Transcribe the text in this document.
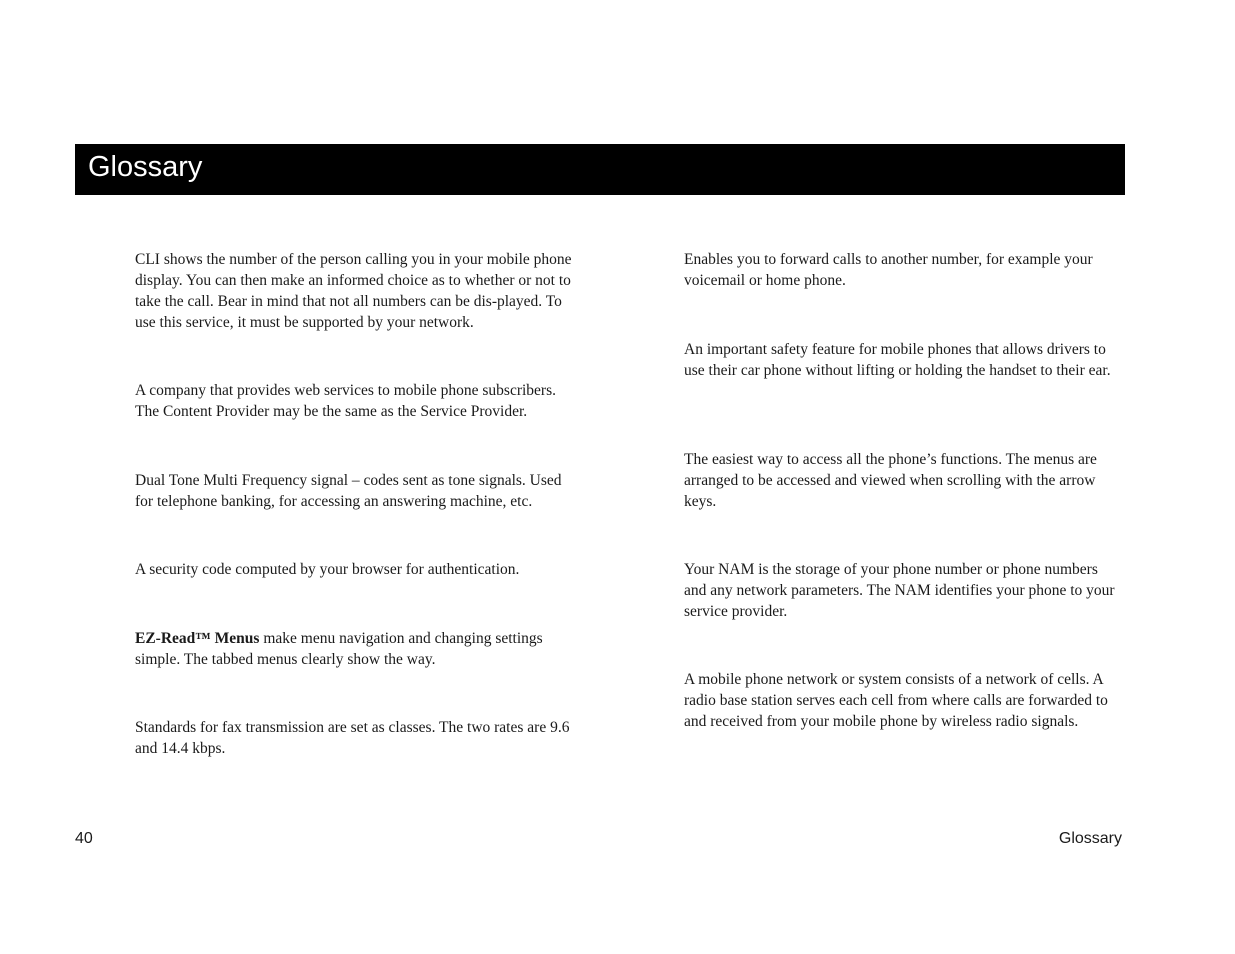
Glossary

CLI shows the number of the person calling you in your mobile phone display. You can then make an informed choice as to whether or not to take the call. Bear in mind that not all numbers can be dis-played. To use this service, it must be supported by your network.

A company that provides web services to mobile phone subscribers. The Content Provider may be the same as the Service Provider.

Dual Tone Multi Frequency signal – codes sent as tone signals. Used for telephone banking, for accessing an answering machine, etc.

A security code computed by your browser for authentication.

EZ-Read™ Menus make menu navigation and changing settings simple. The tabbed menus clearly show the way.

Standards for fax transmission are set as classes. The two rates are 9.6 and 14.4 kbps.

Enables you to forward calls to another number, for example your voicemail or home phone.

An important safety feature for mobile phones that allows drivers to use their car phone without lifting or holding the handset to their ear.

The easiest way to access all the phone’s functions. The menus are arranged to be accessed and viewed when scrolling with the arrow keys.

Your NAM is the storage of your phone number or phone numbers and any network parameters. The NAM identifies your phone to your service provider.

A mobile phone network or system consists of a network of cells. A radio base station serves each cell from where calls are forwarded to and received from your mobile phone by wireless radio signals.

40	Glossary
